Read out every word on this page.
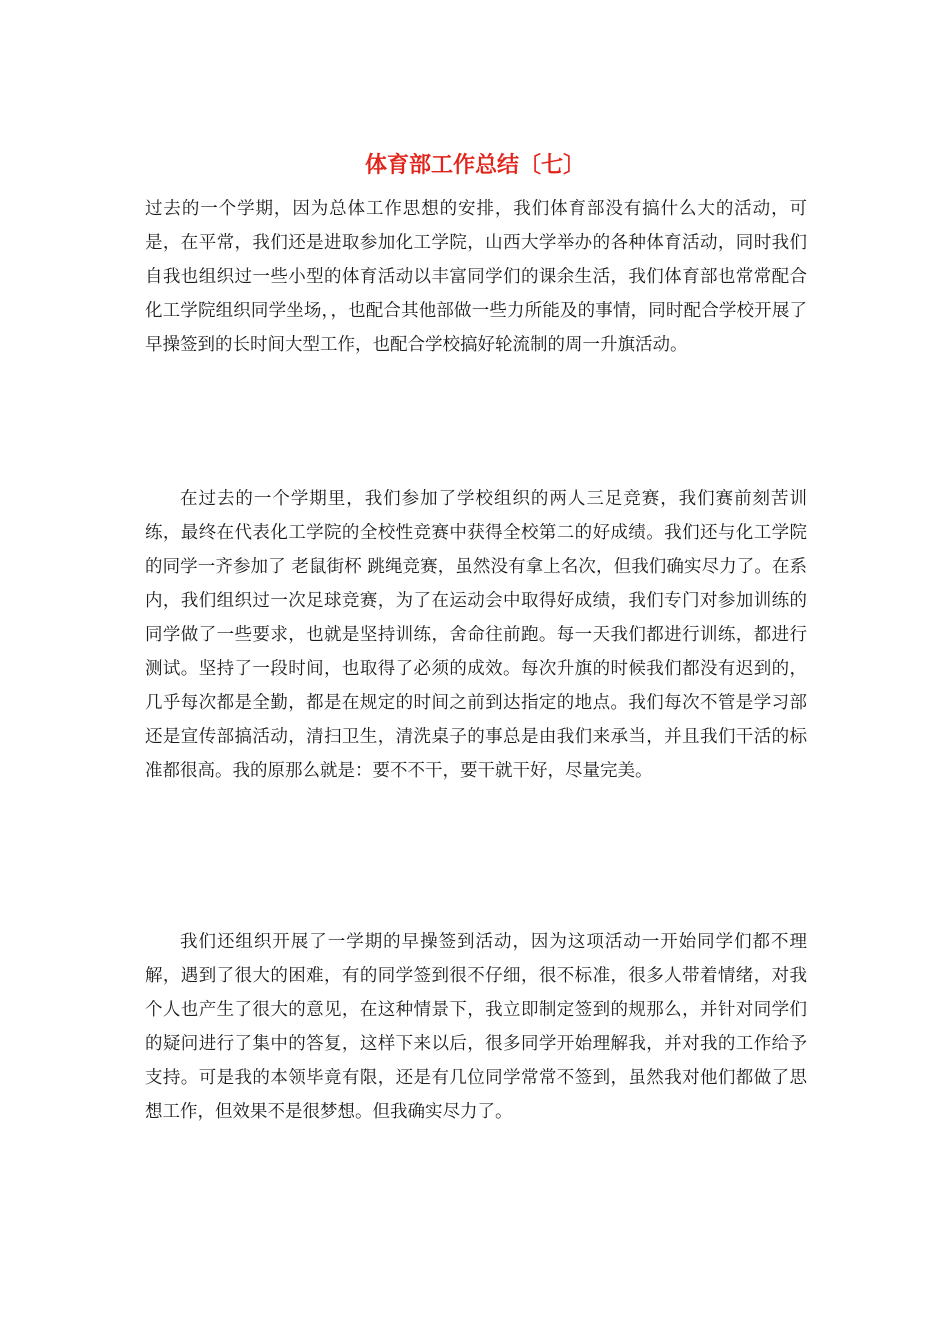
体育部工作总结〔七〕

过去的一个学期，因为总体工作思想的安排，我们体育部没有搞什么大的活动，可是，在平常，我们还是进取参加化工学院，山西大学举办的各种体育活动，同时我们自我也组织过一些小型的体育活动以丰富同学们的课余生活，我们体育部也常常配合化工学院组织同学坐场，，也配合其他部做一些力所能及的事情，同时配合学校开展了早操签到的长时间大型工作，也配合学校搞好轮流制的周一升旗活动。

在过去的一个学期里，我们参加了学校组织的两人三足竞赛，我们赛前刻苦训练，最终在代表化工学院的全校性竞赛中获得全校第二的好成绩。我们还与化工学院的同学一齐参加了 老鼠街杯 跳绳竞赛，虽然没有拿上名次，但我们确实尽力了。在系内，我们组织过一次足球竞赛，为了在运动会中取得好成绩，我们专门对参加训练的同学做了一些要求，也就是坚持训练，舍命往前跑。每一天我们都进行训练，都进行测试。坚持了一段时间，也取得了必须的成效。每次升旗的时候我们都没有迟到的，几乎每次都是全勤，都是在规定的时间之前到达指定的地点。我们每次不管是学习部还是宣传部搞活动，清扫卫生，清洗桌子的事总是由我们来承当，并且我们干活的标准都很高。我的原那么就是：要不不干，要干就干好，尽量完美。

我们还组织开展了一学期的早操签到活动，因为这项活动一开始同学们都不理解，遇到了很大的困难，有的同学签到很不仔细，很不标准，很多人带着情绪，对我个人也产生了很大的意见，在这种情景下，我立即制定签到的规那么，并针对同学们的疑问进行了集中的答复，这样下来以后，很多同学开始理解我，并对我的工作给予支持。可是我的本领毕竟有限，还是有几位同学常常不签到，虽然我对他们都做了思想工作，但效果不是很梦想。但我确实尽力了。
